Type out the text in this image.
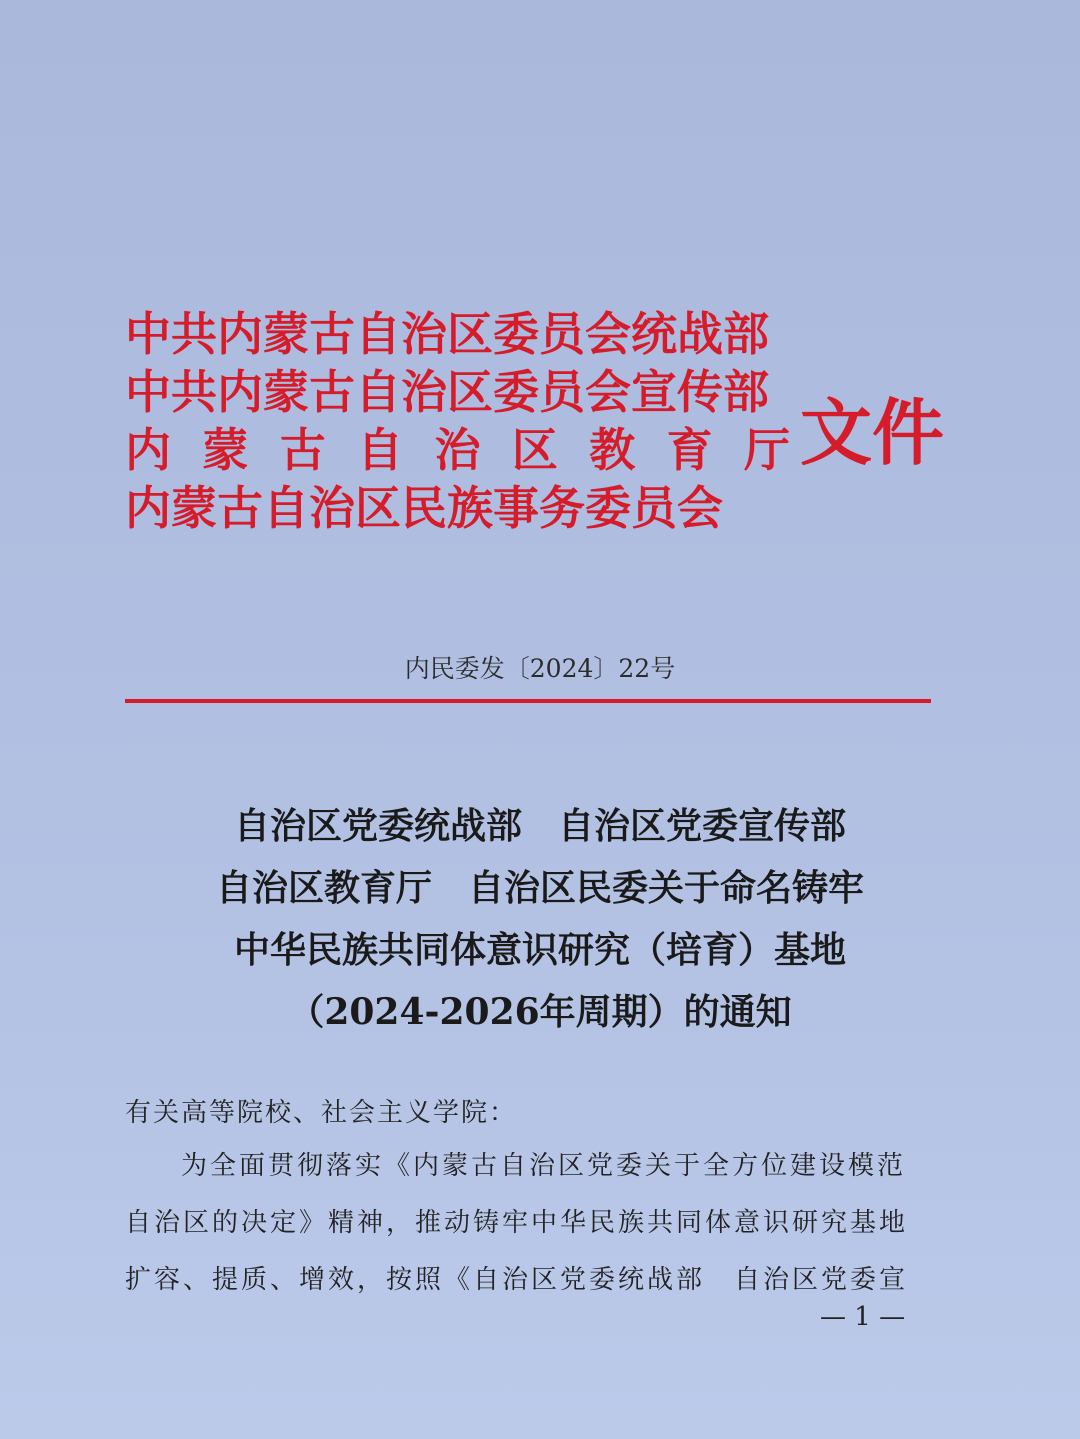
中共内蒙古自治区委员会统战部
中共内蒙古自治区委员会宣传部
内 蒙 古 自 治 区 教 育 厅
内蒙古自治区民族事务委员会
文件
内民委发〔2024〕22号
自治区党委统战部　自治区党委宣传部
自治区教育厅　自治区民委关于命名铸牢
中华民族共同体意识研究（培育）基地
（2024-2026年周期）的通知
有关高等院校、社会主义学院：
为全面贯彻落实《内蒙古自治区党委关于全方位建设模范
自治区的决定》精神，推动铸牢中华民族共同体意识研究基地
扩容、提质、增效，按照《自治区党委统战部　自治区党委宣
— 1 —
